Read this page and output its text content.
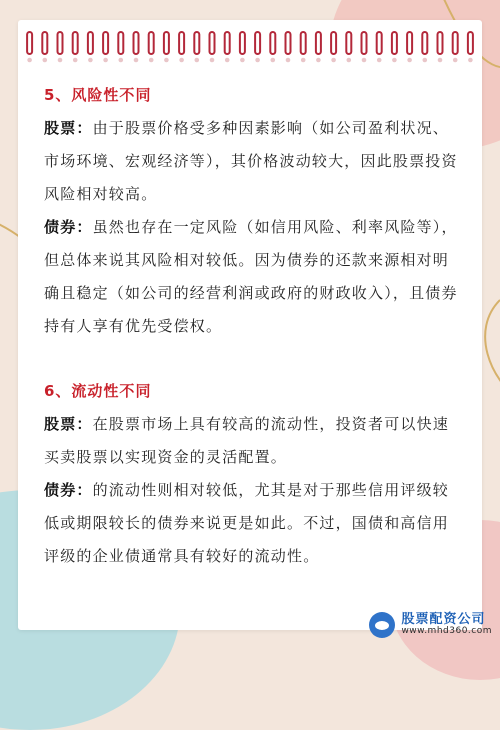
5、风险性不同

股票：由于股票价格受多种因素影响（如公司盈利状况、市场环境、宏观经济等），其价格波动较大，因此股票投资风险相对较高。

债券：虽然也存在一定风险（如信用风险、利率风险等），但总体来说其风险相对较低。因为债券的还款来源相对明确且稳定（如公司的经营利润或政府的财政收入），且债券持有人享有优先受偿权。

6、流动性不同

股票：在股票市场上具有较高的流动性，投资者可以快速买卖股票以实现资金的灵活配置。

债券：的流动性则相对较低，尤其是对于那些信用评级较低或期限较长的债券来说更是如此。不过，国债和高信用评级的企业债通常具有较好的流动性。

股票配资公司
www.mhd360.com
